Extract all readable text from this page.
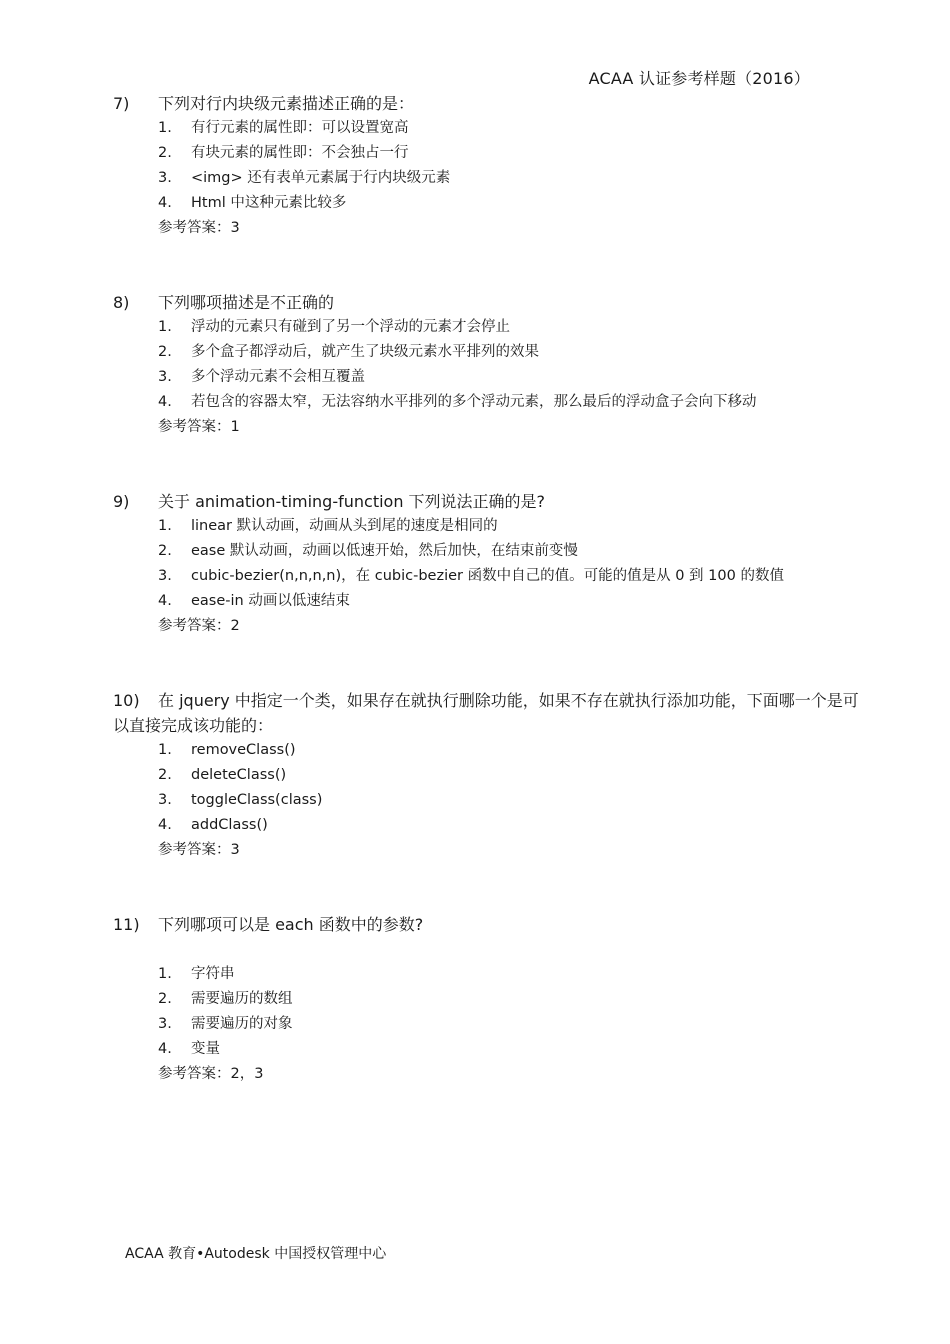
ACAA 认证参考样题（2016）
7)	下列对行内块级元素描述正确的是：
1.	有行元素的属性即：可以设置宽高
2.	有块元素的属性即：不会独占一行
3.	<img> 还有表单元素属于行内块级元素
4.	Html 中这种元素比较多
参考答案：3
8)	下列哪项描述是不正确的
1.	浮动的元素只有碰到了另一个浮动的元素才会停止
2.	多个盒子都浮动后，就产生了块级元素水平排列的效果
3.	多个浮动元素不会相互覆盖
4.	若包含的容器太窄，无法容纳水平排列的多个浮动元素，那么最后的浮动盒子会向下移动
参考答案：1
9)	关于 animation-timing-function 下列说法正确的是?
1.	linear 默认动画，动画从头到尾的速度是相同的
2.	ease 默认动画，动画以低速开始，然后加快，在结束前变慢
3.	cubic-bezier(n,n,n,n)，在 cubic-bezier 函数中自己的值。可能的值是从 0 到 100 的数值
4.	ease-in 动画以低速结束
参考答案：2
10) 在 jquery 中指定一个类，如果存在就执行删除功能，如果不存在就执行添加功能，下面哪一个是可以直接完成该功能的：
1.	removeClass()
2.	deleteClass()
3.	toggleClass(class)
4.	addClass()
参考答案：3
11)	下列哪项可以是 each 函数中的参数?
1.	字符串
2.	需要遍历的数组
3.	需要遍历的对象
4.	变量
参考答案：2，3
ACAA 教育•Autodesk 中国授权管理中心
